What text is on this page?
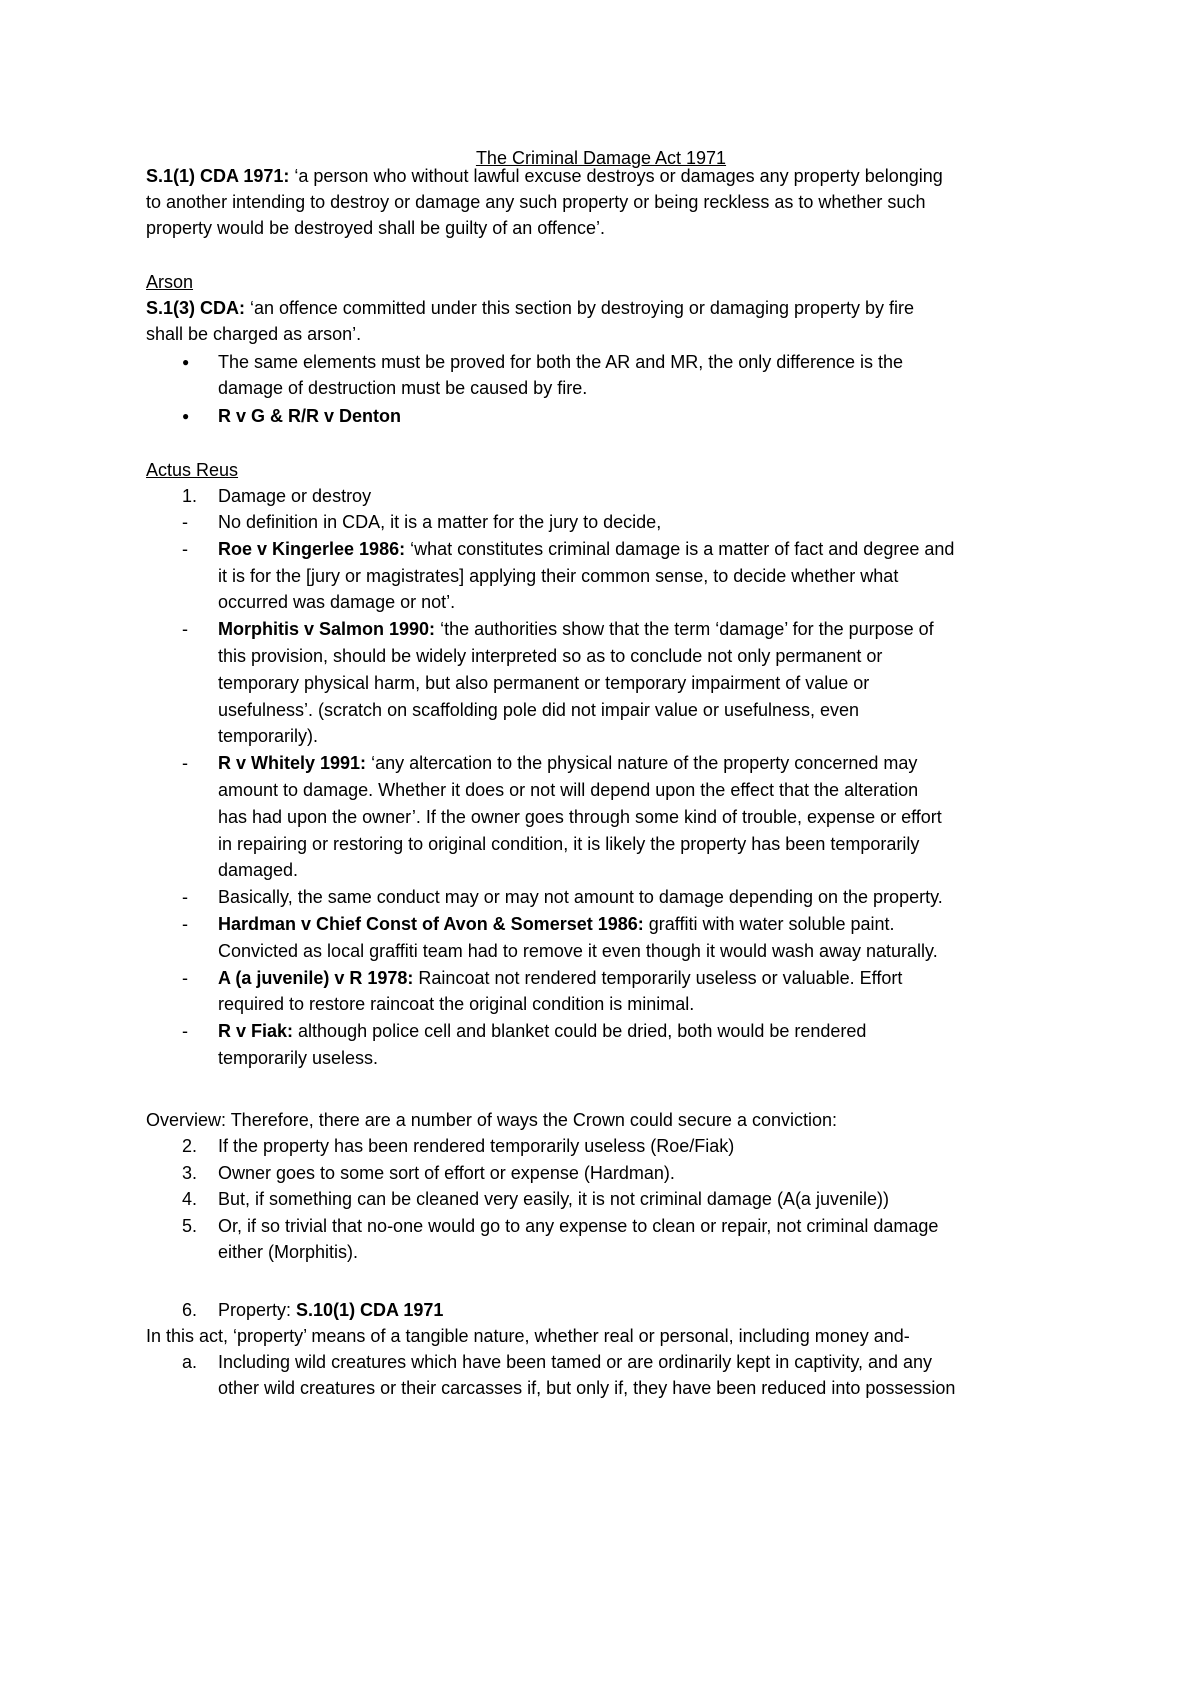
The Criminal Damage Act 1971
S.1(1) CDA 1971: ‘a person who without lawful excuse destroys or damages any property belonging
to another intending to destroy or damage any such property or being reckless as to whether such
property would be destroyed shall be guilty of an offence’.
Arson
S.1(3) CDA: ‘an offence committed under this section by destroying or damaging property by fire
shall be charged as arson’.
● The same elements must be proved for both the AR and MR, the only difference is the
damage of destruction must be caused by fire.
● R v G & R/R v Denton
Actus Reus
1. Damage or destroy
- No definition in CDA, it is a matter for the jury to decide,
- Roe v Kingerlee 1986: ‘what constitutes criminal damage is a matter of fact and degree and
it is for the [jury or magistrates] applying their common sense, to decide whether what
occurred was damage or not’.
- Morphitis v Salmon 1990: ‘the authorities show that the term ‘damage’ for the purpose of
this provision, should be widely interpreted so as to conclude not only permanent or
temporary physical harm, but also permanent or temporary impairment of value or
usefulness’. (scratch on scaffolding pole did not impair value or usefulness, even
temporarily).
- R v Whitely 1991: ‘any altercation to the physical nature of the property concerned may
amount to damage. Whether it does or not will depend upon the effect that the alteration
has had upon the owner’. If the owner goes through some kind of trouble, expense or effort
in repairing or restoring to original condition, it is likely the property has been temporarily
damaged.
- Basically, the same conduct may or may not amount to damage depending on the property.
- Hardman v Chief Const of Avon & Somerset 1986: graffiti with water soluble paint.
Convicted as local graffiti team had to remove it even though it would wash away naturally.
- A (a juvenile) v R 1978: Raincoat not rendered temporarily useless or valuable. Effort
required to restore raincoat the original condition is minimal.
- R v Fiak: although police cell and blanket could be dried, both would be rendered
temporarily useless.
Overview: Therefore, there are a number of ways the Crown could secure a conviction:
2. If the property has been rendered temporarily useless (Roe/Fiak)
3. Owner goes to some sort of effort or expense (Hardman).
4. But, if something can be cleaned very easily, it is not criminal damage (A(a juvenile))
5. Or, if so trivial that no-one would go to any expense to clean or repair, not criminal damage
either (Morphitis).
6. Property: S.10(1) CDA 1971
In this act, ‘property’ means of a tangible nature, whether real or personal, including money and-
a. Including wild creatures which have been tamed or are ordinarily kept in captivity, and any
other wild creatures or their carcasses if, but only if, they have been reduced into possession
